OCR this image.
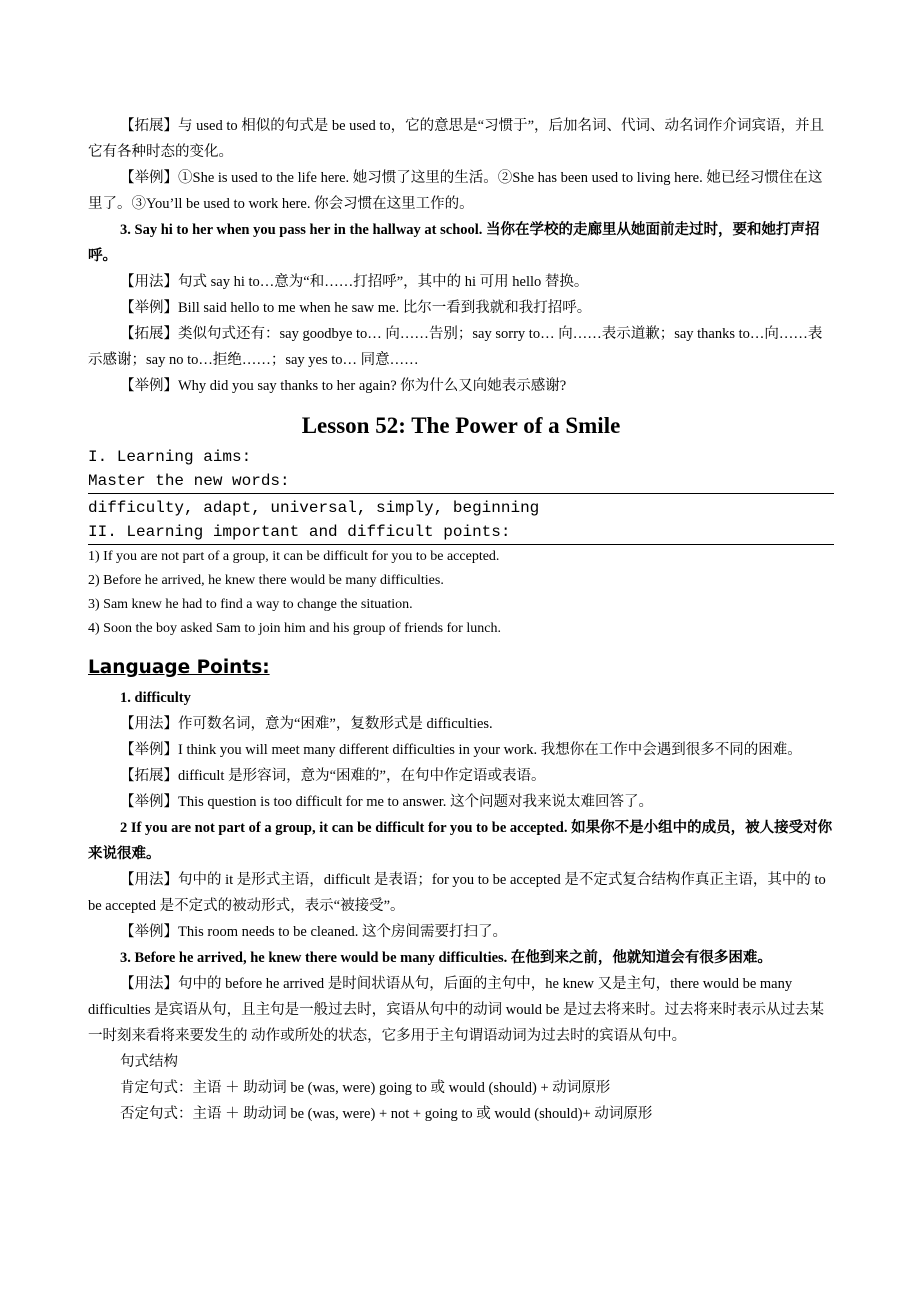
【拓展】与 used to 相似的句式是 be used to，它的意思是“习惯于”，后加名词、代词、动名词作介词宾语，并且它有各种时态的变化。

【举例】①She is used to the life here. 她习惯了这里的生活。②She has been used to living here. 她已经习惯住在这里了。③You’ll be used to work here. 你会习惯在这里工作的。

3. Say hi to her when you pass her in the hallway at school. 当你在学校的走廊里从她面前走过时，要和她打声招呼。

【用法】句式 say hi to…意为“和……打招呼”，其中的 hi 可用 hello 替换。

【举例】Bill said hello to me when he saw me. 比尔一看到我就和我打招呼。

【拓展】类似句式还有：say goodbye to… 向……告别；say sorry to… 向……表示道歉；say thanks to…向……表示感谢；say no to…拒绝……；say yes to… 同意……

【举例】Why did you say thanks to her again? 你为什么又向她表示感谢?

Lesson 52: The Power of a Smile

I. Learning aims:

Master the new words:

difficulty, adapt, universal, simply, beginning

II. Learning important and difficult points:

1) If you are not part of a group, it can be difficult for you to be accepted.

2) Before he arrived, he knew there would be many difficulties.

3) Sam knew he had to find a way to change the situation.

4) Soon the boy asked Sam to join him and his group of friends for lunch.

Language Points:

1. difficulty

【用法】作可数名词，意为“困难”，复数形式是 difficulties.

【举例】I think you will meet many different difficulties in your work. 我想你在工作中会遇到很多不同的困难。

【拓展】difficult 是形容词，意为“困难的”，在句中作定语或表语。

【举例】This question is too difficult for me to answer. 这个问题对我来说太难回答了。

2 If you are not part of a group, it can be difficult for you to be accepted. 如果你不是小组中的成员，被人接受对你来说很难。

【用法】句中的 it 是形式主语，difficult 是表语；for you to be accepted 是不定式复合结构作真正主语，其中的 to be accepted 是不定式的被动形式，表示“被接受”。

【举例】This room needs to be cleaned. 这个房间需要打扫了。

3. Before he arrived, he knew there would be many difficulties. 在他到来之前，他就知道会有很多困难。

【用法】句中的 before he arrived 是时间状语从句，后面的主句中，he knew 又是主句，there would be many difficulties 是宾语从句，且主句是一般过去时，宾语从句中的动词 would be 是过去将来时。过去将来时表示从过去某一时刻来看将来要发生的 动作或所处的状态，它多用于主句谓语动词为过去时的宾语从句中。

句式结构

肯定句式：主语 ＋ 助动词 be (was, were) going to 或 would (should) + 动词原形

否定句式：主语 ＋ 助动词 be (was, were) + not + going to 或 would (should)+ 动词原形
